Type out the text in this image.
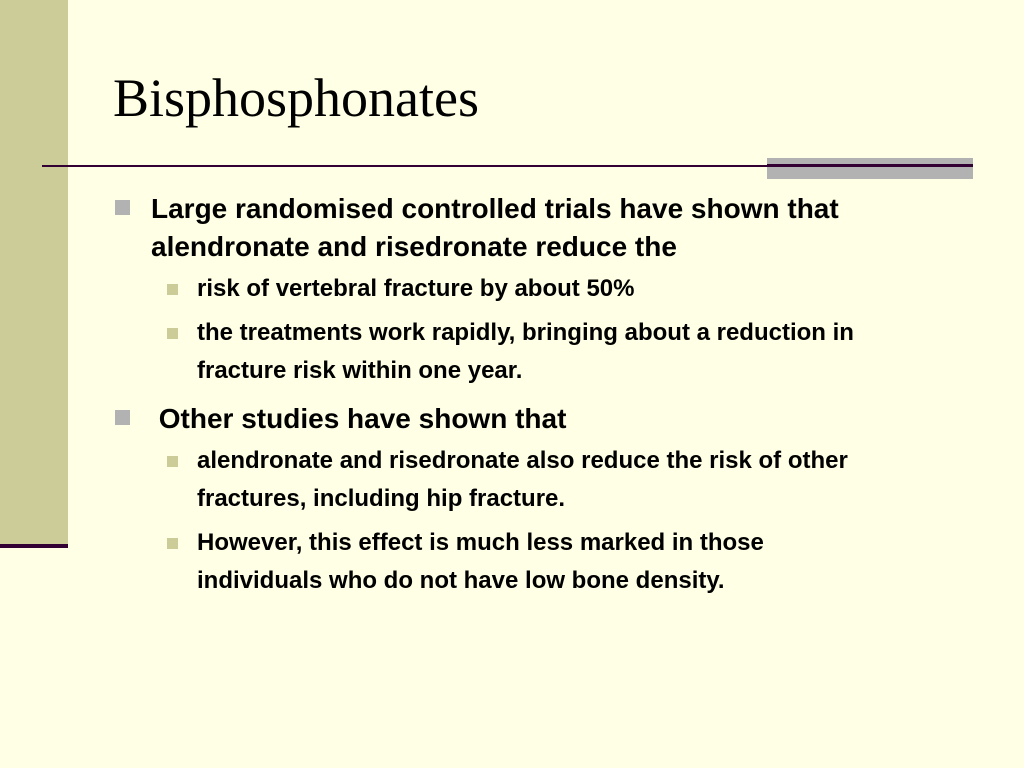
Bisphosphonates
Large randomised controlled trials have shown that alendronate and risedronate reduce the
risk of vertebral fracture by about 50%
the treatments work rapidly, bringing about a reduction in fracture risk within one year.
Other studies have shown that
alendronate and risedronate also reduce the risk of other fractures, including hip fracture.
However, this effect is much less marked in those individuals who do not have low bone density.
